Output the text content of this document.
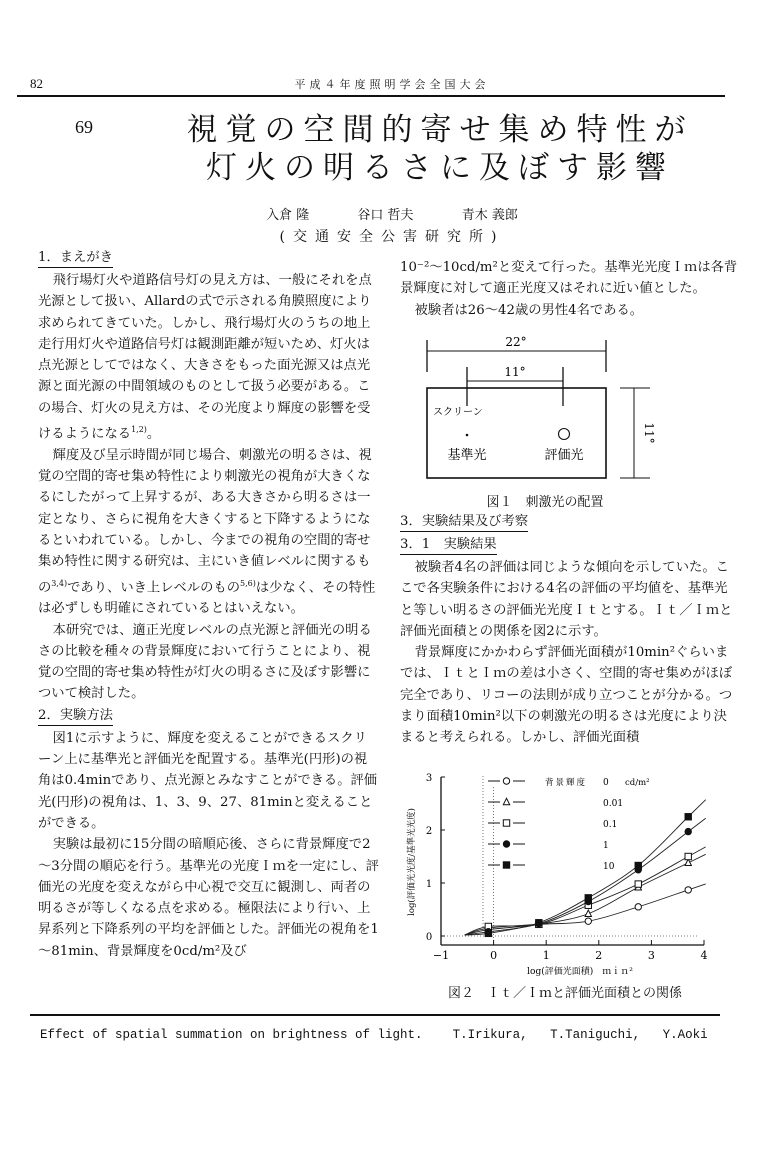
82	平成４年度照明学会全国大会
69	視覚の空間的寄せ集め特性が
灯火の明るさに及ぼす影響
入倉 隆	谷口 哲夫	青木 義郎
(交通安全公害研究所)
1．まえがき

飛行場灯火や道路信号灯の見え方は、一般にそれを点光源として扱い、Allardの式で示される角膜照度により求められてきていた。しかし、飛行場灯火のうちの地上走行用灯火や道路信号灯は観測距離が短いため、灯火は点光源としてではなく、大きさをもった面光源又は点光源と面光源の中間領域のものとして扱う必要がある。この場合、灯火の見え方は、その光度より輝度の影響を受けるようになる$^{1,2)}$。

輝度及び呈示時間が同じ場合、刺激光の明るさは、視覚の空間的寄せ集め特性により刺激光の視角が大きくなるにしたがって上昇するが、ある大きさから明るさは一定となり、さらに視角を大きくすると下降するようになるといわれている。しかし、今までの視角の空間的寄せ集め特性に関する研究は、主にいき値レベルに関するもの$^{3,4)}$であり、いき上レベルのもの$^{5,6)}$は少なく、その特性は必ずしも明確にされているとはいえない。

本研究では、適正光度レベルの点光源と評価光の明るさの比較を種々の背景輝度において行うことにより、視覚の空間的寄せ集め特性が灯火の明るさに及ぼす影響について検討した。

2．実験方法

図1に示すように、輝度を変えることができるスクリーン上に基準光と評価光を配置する。基準光(円形)の視角は0.4minであり、点光源とみなすことができる。評価光(円形)の視角は、1、3、9、27、81minと変えることができる。

実験は最初に15分間の暗順応後、さらに背景輝度で2～3分間の順応を行う。基準光の光度Ｉｍを一定にし、評価光の光度を変えながら中心視で交互に観測し、両者の明るさが等しくなる点を求める。極限法により行い、上昇系列と下降系列の平均を評価とした。評価光の視角を1～81min、背景輝度を0cd/m²及び

10⁻²～10cd/m²と変えて行った。基準光光度Ｉｍは各背景輝度に対して適正光度又はそれに近い値とした。

被験者は26～42歳の男性4名である。

22°
11°
スクリーン
基準光	評価光
11°
図１　刺激光の配置
3．実験結果及び考察
3．1　実験結果

被験者4名の評価は同じような傾向を示していた。ここで各実験条件における4名の評価の平均値を、基準光と等しい明るさの評価光光度Ｉｔとする。Ｉｔ／Ｉｍと評価光面積との関係を図2に示す。

背景輝度にかかわらず評価光面積が10min²ぐらいまでは、ＩｔとＩｍの差は小さく、空間的寄せ集めがほぼ完全であり、リコーの法則が成り立つことが分かる。つまり面積10min²以下の刺激光の明るさは光度により決まると考えられる。しかし、評価光面積

0
1
2
3
−1	0	1	2	3	4
0
0.01
0.1
1
10
背景輝度	cd/m²
log(評価光面積)　ｍｉｎ²
log(評価光光度/基準光光度)
図２　Ｉｔ／Ｉｍと評価光面積との関係
Effect of spatial summation on brightness of light. T.Irikura,   T.Taniguchi,   Y.Aoki
